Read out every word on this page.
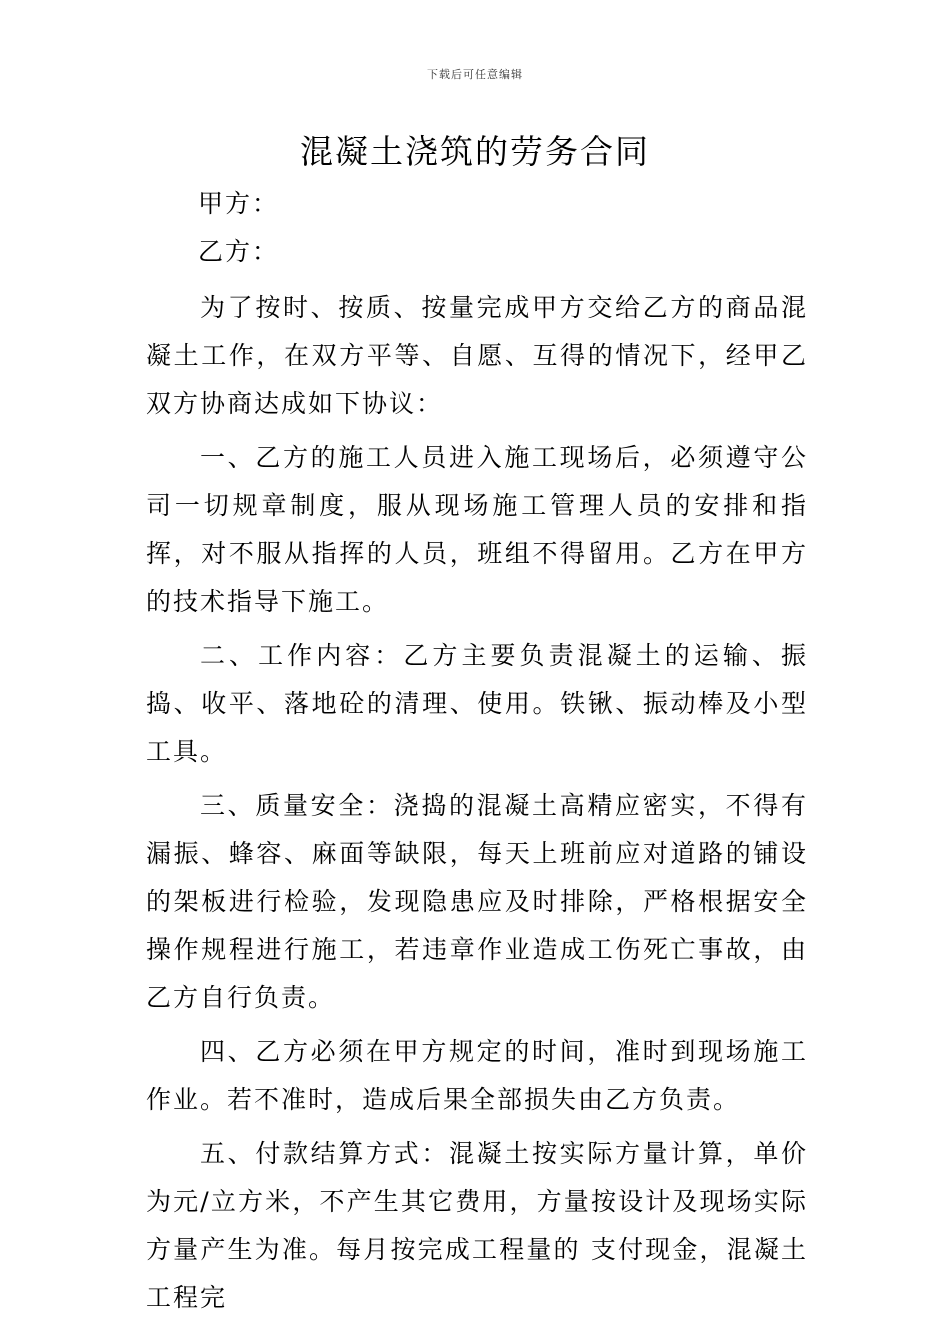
下载后可任意编辑
混凝土浇筑的劳务合同

甲方：

乙方：

为了按时、按质、按量完成甲方交给乙方的商品混凝土工作，在双方平等、自愿、互得的情况下，经甲乙双方协商达成如下协议：

一、乙方的施工人员进入施工现场后，必须遵守公司一切规章制度，服从现场施工管理人员的安排和指挥，对不服从指挥的人员，班组不得留用。乙方在甲方的技术指导下施工。

二、工作内容：乙方主要负责混凝土的运输、振捣、收平、落地砼的清理、使用。铁锹、振动棒及小型工具。

三、质量安全：浇捣的混凝土高精应密实，不得有漏振、蜂容、麻面等缺限，每天上班前应对道路的铺设的架板进行检验，发现隐患应及时排除，严格根据安全操作规程进行施工，若违章作业造成工伤死亡事故，由乙方自行负责。

四、乙方必须在甲方规定的时间，准时到现场施工作业。若不准时，造成后果全部损失由乙方负责。

五、付款结算方式：混凝土按实际方量计算，单价为元/立方米，不产生其它费用，方量按设计及现场实际方量产生为准。每月按完成工程量的 支付现金，混凝土工程完
